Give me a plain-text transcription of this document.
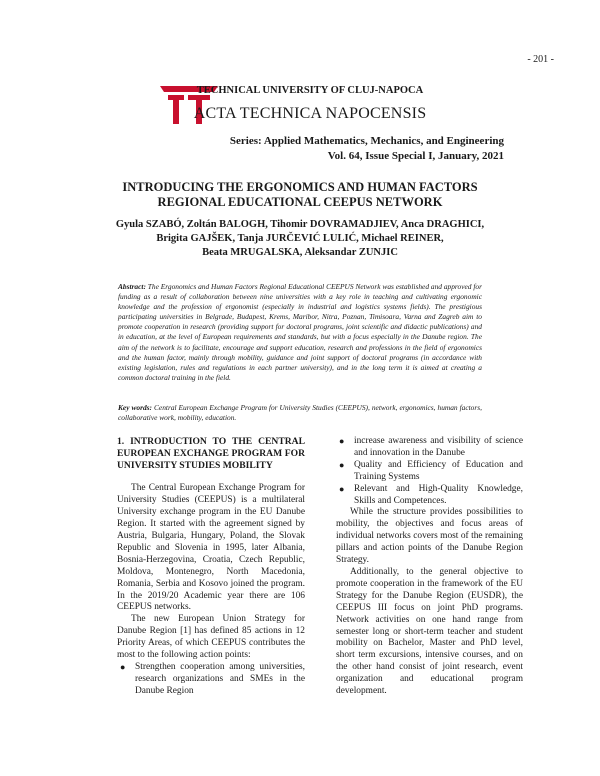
- 201 -
TECHNICAL UNIVERSITY OF CLUJ-NAPOCA
ACTA TECHNICA NAPOCENSIS
Series: Applied Mathematics, Mechanics, and Engineering
Vol. 64, Issue Special I, January, 2021
INTRODUCING THE ERGONOMICS AND HUMAN FACTORS
REGIONAL EDUCATIONAL CEEPUS NETWORK
Gyula SZABÓ, Zoltán BALOGH, Tihomir DOVRAMADJIEV, Anca DRAGHICI,
Brigita GAJŠEK, Tanja JURČEVIĆ LULIĆ, Michael REINER,
Beata MRUGALSKA, Aleksandar ZUNJIC

Abstract: The Ergonomics and Human Factors Regional Educational CEEPUS Network was established and approved for funding as a result of collaboration between nine universities with a key role in teaching and cultivating ergonomic knowledge and the profession of ergonomist (especially in industrial and logistics systems fields). The prestigious participating universities in Belgrade, Budapest, Krems, Maribor, Nitra, Poznan, Timisoara, Varna and Zagreb aim to promote cooperation in research (providing support for doctoral programs, joint scientific and didactic publications) and in education, at the level of European requirements and standards, but with a focus especially in the Danube region. The aim of the network is to facilitate, encourage and support education, research and professions in the field of ergonomics and the human factor, mainly through mobility, guidance and joint support of doctoral programs (in accordance with existing legislation, rules and regulations in each partner university), and in the long term it is aimed at creating a common doctoral training in the field.

Key words: Central European Exchange Program for University Studies (CEEPUS), network, ergonomics, human factors, collaborative work, mobility, education.

1. INTRODUCTION TO THE CENTRAL EUROPEAN EXCHANGE PROGRAM FOR UNIVERSITY STUDIES MOBILITY

The Central European Exchange Program for University Studies (CEEPUS) is a multilateral University exchange program in the EU Danube Region. It started with the agreement signed by Austria, Bulgaria, Hungary, Poland, the Slovak Republic and Slovenia in 1995, later Albania, Bosnia-Herzegovina, Croatia, Czech Republic, Moldova, Montenegro, North Macedonia, Romania, Serbia and Kosovo joined the program. In the 2019/20 Academic year there are 106 CEEPUS networks.

The new European Union Strategy for Danube Region [1] has defined 85 actions in 12 Priority Areas, of which CEEPUS contributes the most to the following action points:

● Strengthen cooperation among universities, research organizations and SMEs in the Danube Region
● increase awareness and visibility of science and innovation in the Danube
● Quality and Efficiency of Education and Training Systems
● Relevant and High-Quality Knowledge, Skills and Competences.

While the structure provides possibilities to mobility, the objectives and focus areas of individual networks covers most of the remaining pillars and action points of the Danube Region Strategy.

Additionally, to the general objective to promote cooperation in the framework of the EU Strategy for the Danube Region (EUSDR), the CEEPUS III focus on joint PhD programs. Network activities on one hand range from semester long or short-term teacher and student mobility on Bachelor, Master and PhD level, short term excursions, intensive courses, and on the other hand consist of joint research, event organization and educational program development.
